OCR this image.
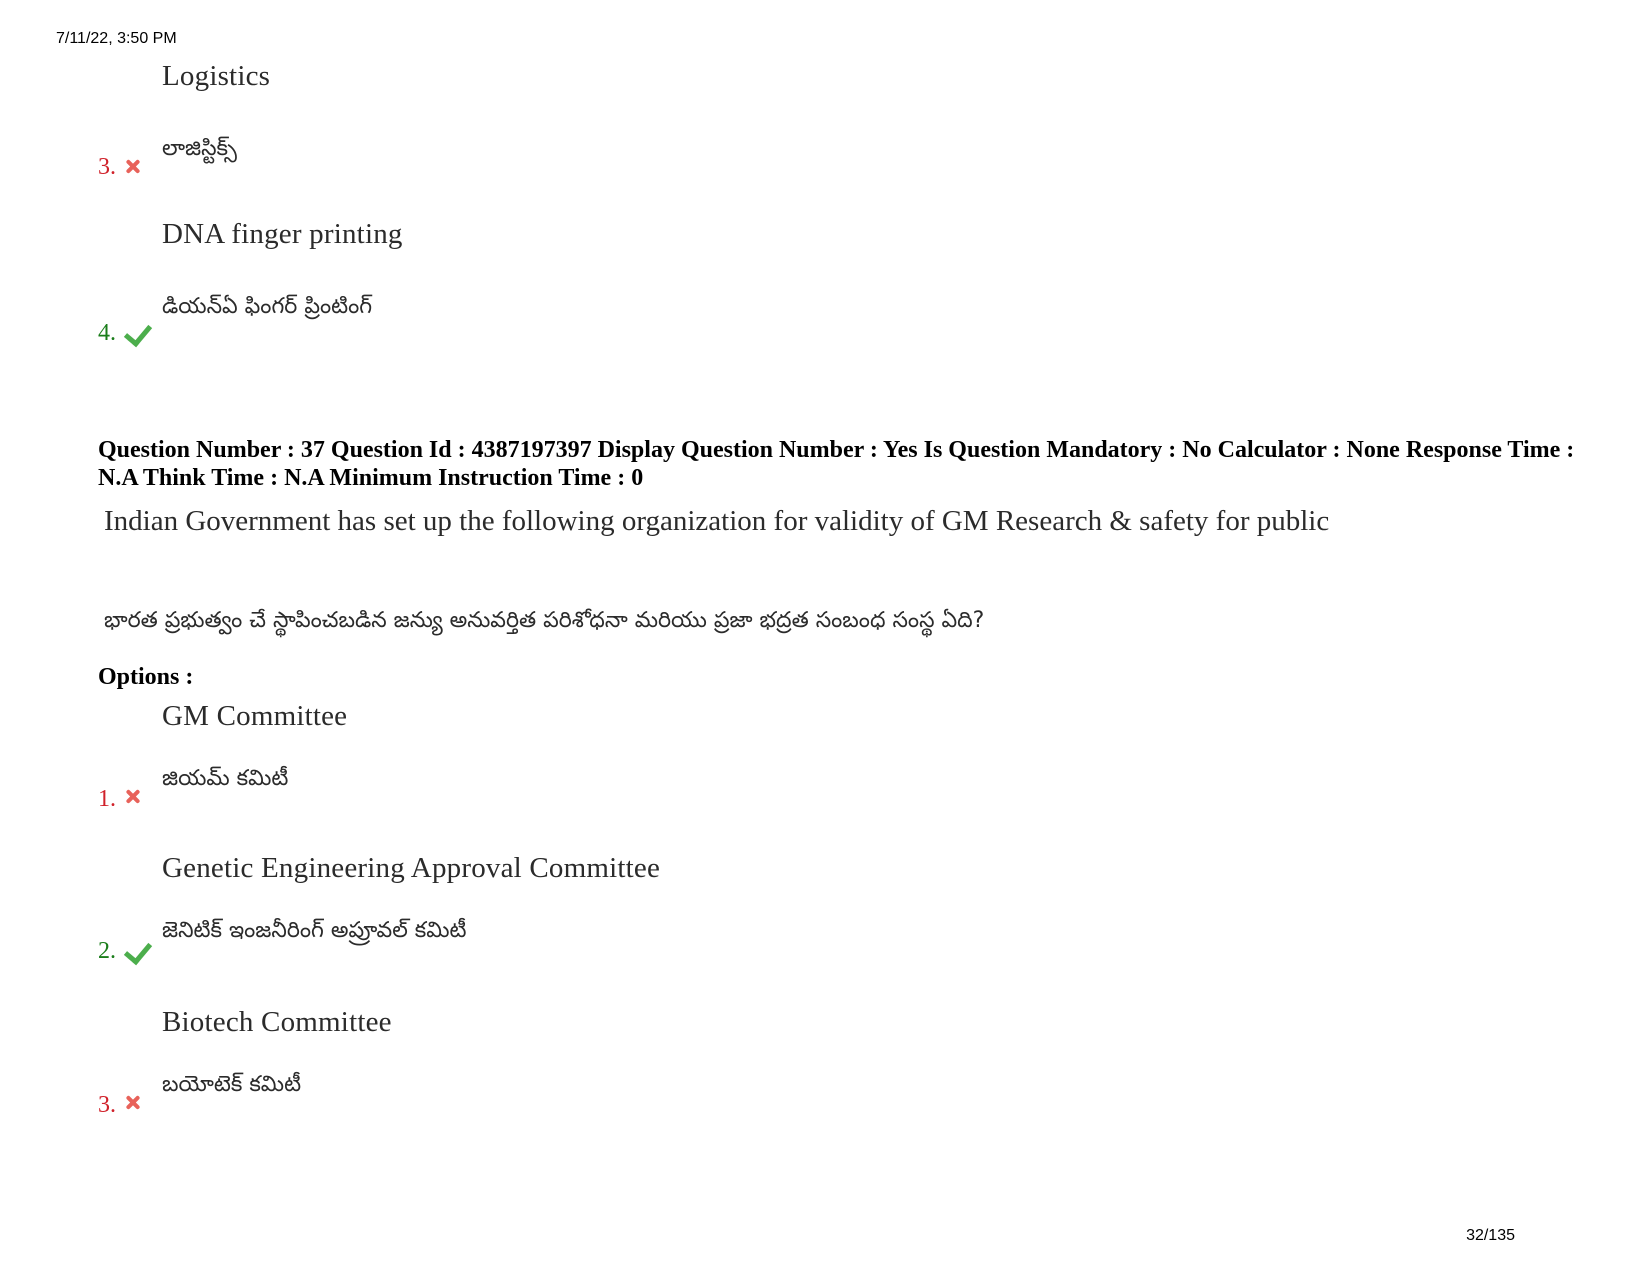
7/11/22, 3:50 PM
Logistics
లాజిస్టిక్స్
3.
DNA finger printing
డియన్ఏ ఫింగర్ ప్రింటింగ్
4.
Question Number : 37 Question Id : 4387197397 Display Question Number : Yes Is Question Mandatory : No Calculator : None Response Time : N.A Think Time : N.A Minimum Instruction Time : 0
Indian Government has set up the following organization for validity of GM Research & safety for public
భారత ప్రభుత్వం చే స్థాపించబడిన జన్యు అనువర్తిత పరిశోధనా మరియు ప్రజా భద్రత సంబంధ సంస్థ ఏది?
Options :
GM Committee
జియమ్ కమిటీ
1.
Genetic Engineering Approval Committee
జెనిటిక్ ఇంజనీరింగ్ అప్రూవల్ కమిటీ
2.
Biotech Committee
బయోటెక్ కమిటీ
3.
32/135
